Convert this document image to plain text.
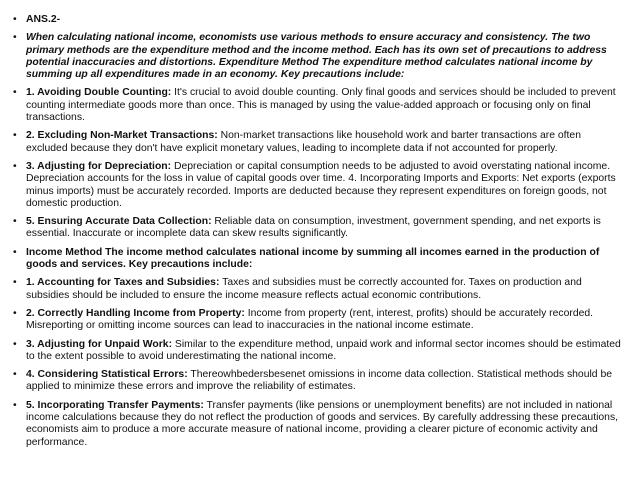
• ANS.2-

• When calculating national income, economists use various methods to ensure accuracy and consistency. The two primary methods are the expenditure method and the income method. Each has its own set of precautions to address potential inaccuracies and distortions. Expenditure Method The expenditure method calculates national income by summing up all expenditures made in an economy. Key precautions include:

• 1. Avoiding Double Counting: It's crucial to avoid double counting. Only final goods and services should be included to prevent counting intermediate goods more than once. This is managed by using the value-added approach or focusing only on final transactions.

• 2. Excluding Non-Market Transactions: Non-market transactions like household work and barter transactions are often excluded because they don't have explicit monetary values, leading to incomplete data if not accounted for properly.

• 3. Adjusting for Depreciation: Depreciation or capital consumption needs to be adjusted to avoid overstating national income. Depreciation accounts for the loss in value of capital goods over time. 4. Incorporating Imports and Exports: Net exports (exports minus imports) must be accurately recorded. Imports are deducted because they represent expenditures on foreign goods, not domestic production.

• 5. Ensuring Accurate Data Collection: Reliable data on consumption, investment, government spending, and net exports is essential. Inaccurate or incomplete data can skew results significantly.

• Income Method The income method calculates national income by summing all incomes earned in the production of goods and services. Key precautions include:

• 1. Accounting for Taxes and Subsidies: Taxes and subsidies must be correctly accounted for. Taxes on production and subsidies should be included to ensure the income measure reflects actual economic contributions.

• 2. Correctly Handling Income from Property: Income from property (rent, interest, profits) should be accurately recorded. Misreporting or omitting income sources can lead to inaccuracies in the national income estimate.

• 3. Adjusting for Unpaid Work: Similar to the expenditure method, unpaid work and informal sector incomes should be estimated to the extent possible to avoid underestimating the national income.

• 4. Considering Statistical Errors: Thereowhbedersbesenet omissions in income data collection. Statistical methods should be applied to minimize these errors and improve the reliability of estimates.

• 5. Incorporating Transfer Payments: Transfer payments (like pensions or unemployment benefits) are not included in national income calculations because they do not reflect the production of goods and services. By carefully addressing these precautions, economists aim to produce a more accurate measure of national income, providing a clearer picture of economic activity and performance.
